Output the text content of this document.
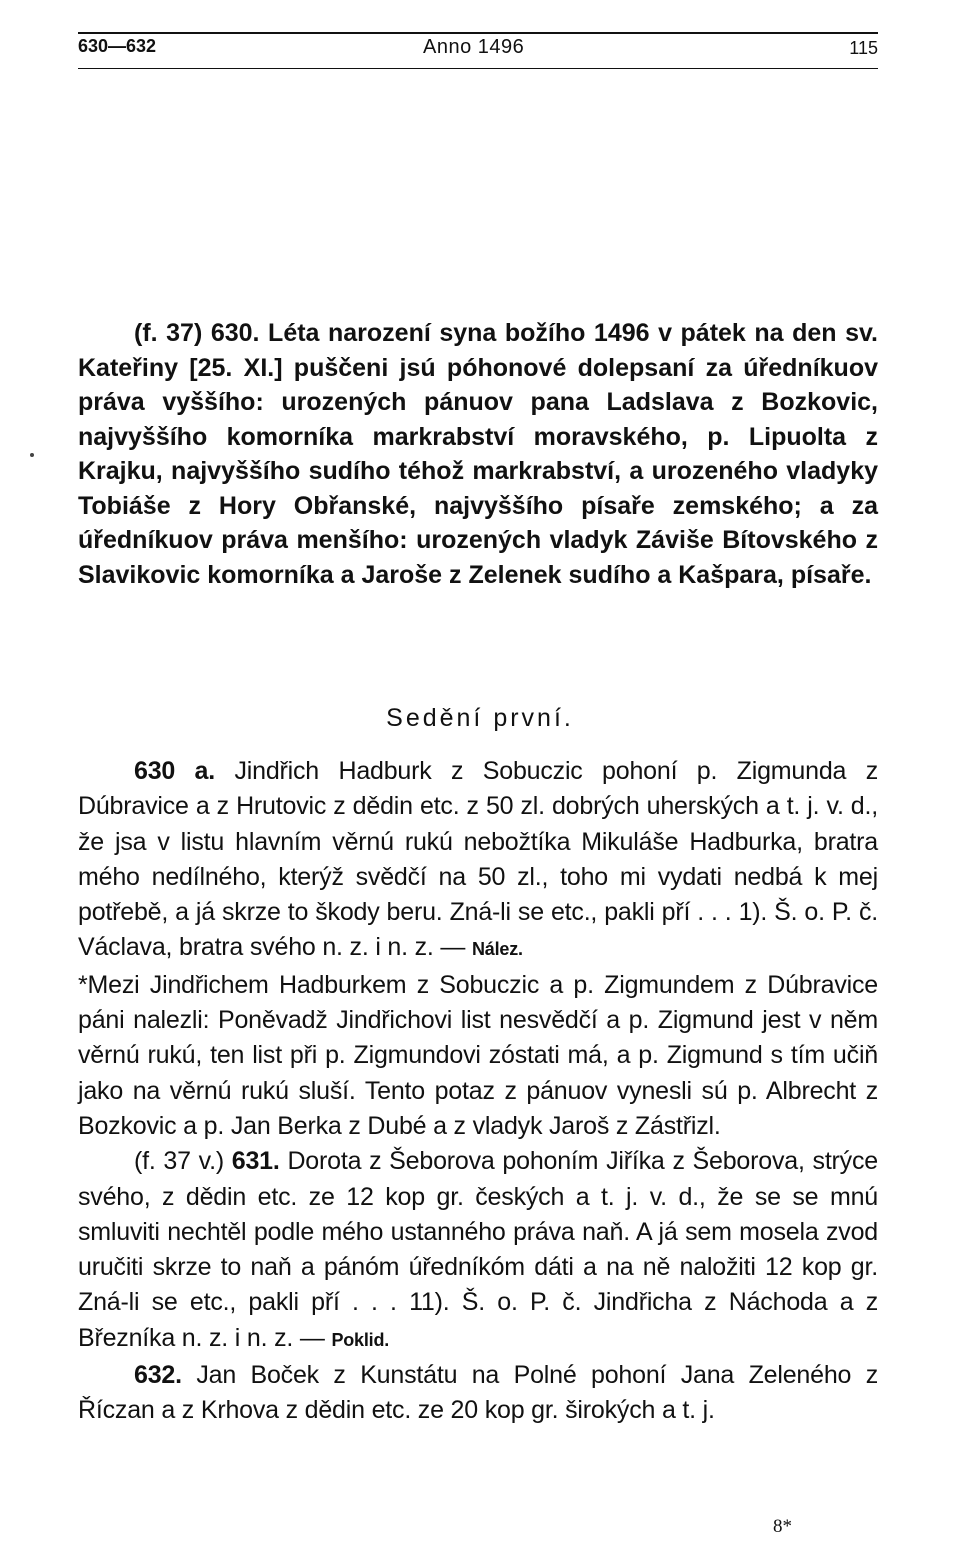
630—632	Anno 1496	115
(f. 37) 630. Léta narození syna božího 1496 v pátek na den sv. Kateřiny [25. XI.] puščeni jsú póhonové dolepsaní za úředníkuov práva vyššího: urozených pánuov pana Ladslava z Bozkovic, najvyššího komorníka markrabství moravského, p. Lipuolta z Krajku, najvyššího sudího téhož markrabství, a urozeného vladyky Tobiáše z Hory Obřanské, najvyššího písaře zemského; a za úředníkuov práva menšího: urozených vladyk Záviše Bítovského z Slavikovic komorníka a Jaroše z Zelenek sudího a Kašpara, písaře.
Sedění první.

630 a. Jindřich Hadburk z Sobuczic pohoní p. Zigmunda z Dúbravice a z Hrutovic z dědin etc. z 50 zl. dobrých uherských a t. j. v. d., že jsa v listu hlavním věrnú rukú nebožtíka Mikuláše Hadburka, bratra mého nedílného, kterýž svědčí na 50 zl., toho mi vydati nedbá k mej potřebě, a já skrze to škody beru. Zná-li se etc., pakli pří . . . 1). Š. o. P. č. Václava, bratra svého n. z. i n. z. — Nález.

*Mezi Jindřichem Hadburkem z Sobuczic a p. Zigmundem z Dúbravice páni nalezli: Poněvadž Jindřichovi list nesvědčí a p. Zigmund jest v něm věrnú rukú, ten list při p. Zigmundovi zóstati má, a p. Zigmund s tím učiň jako na věrnú rukú sluší. Tento potaz z pánuov vynesli sú p. Albrecht z Bozkovic a p. Jan Berka z Dubé a z vladyk Jaroš z Zástřizl.

(f. 37 v.) 631. Dorota z Šeborova pohoním Jiříka z Šeborova, strýce svého, z dědin etc. ze 12 kop gr. českých a t. j. v. d., že se se mnú smluviti nechtěl podle mého ustanného práva naň. A já sem mosela zvod uručiti skrze to naň a pánóm úředníkóm dáti a na ně naložiti 12 kop gr. Zná-li se etc., pakli pří . . . 11). Š. o. P. č. Jindřicha z Náchoda a z Březníka n. z. i n. z. — Poklid.

632. Jan Boček z Kunstátu na Polné pohoní Jana Zeleného z Říczan a z Krhova z dědin etc. ze 20 kop gr. širokých a t. j.

8*
